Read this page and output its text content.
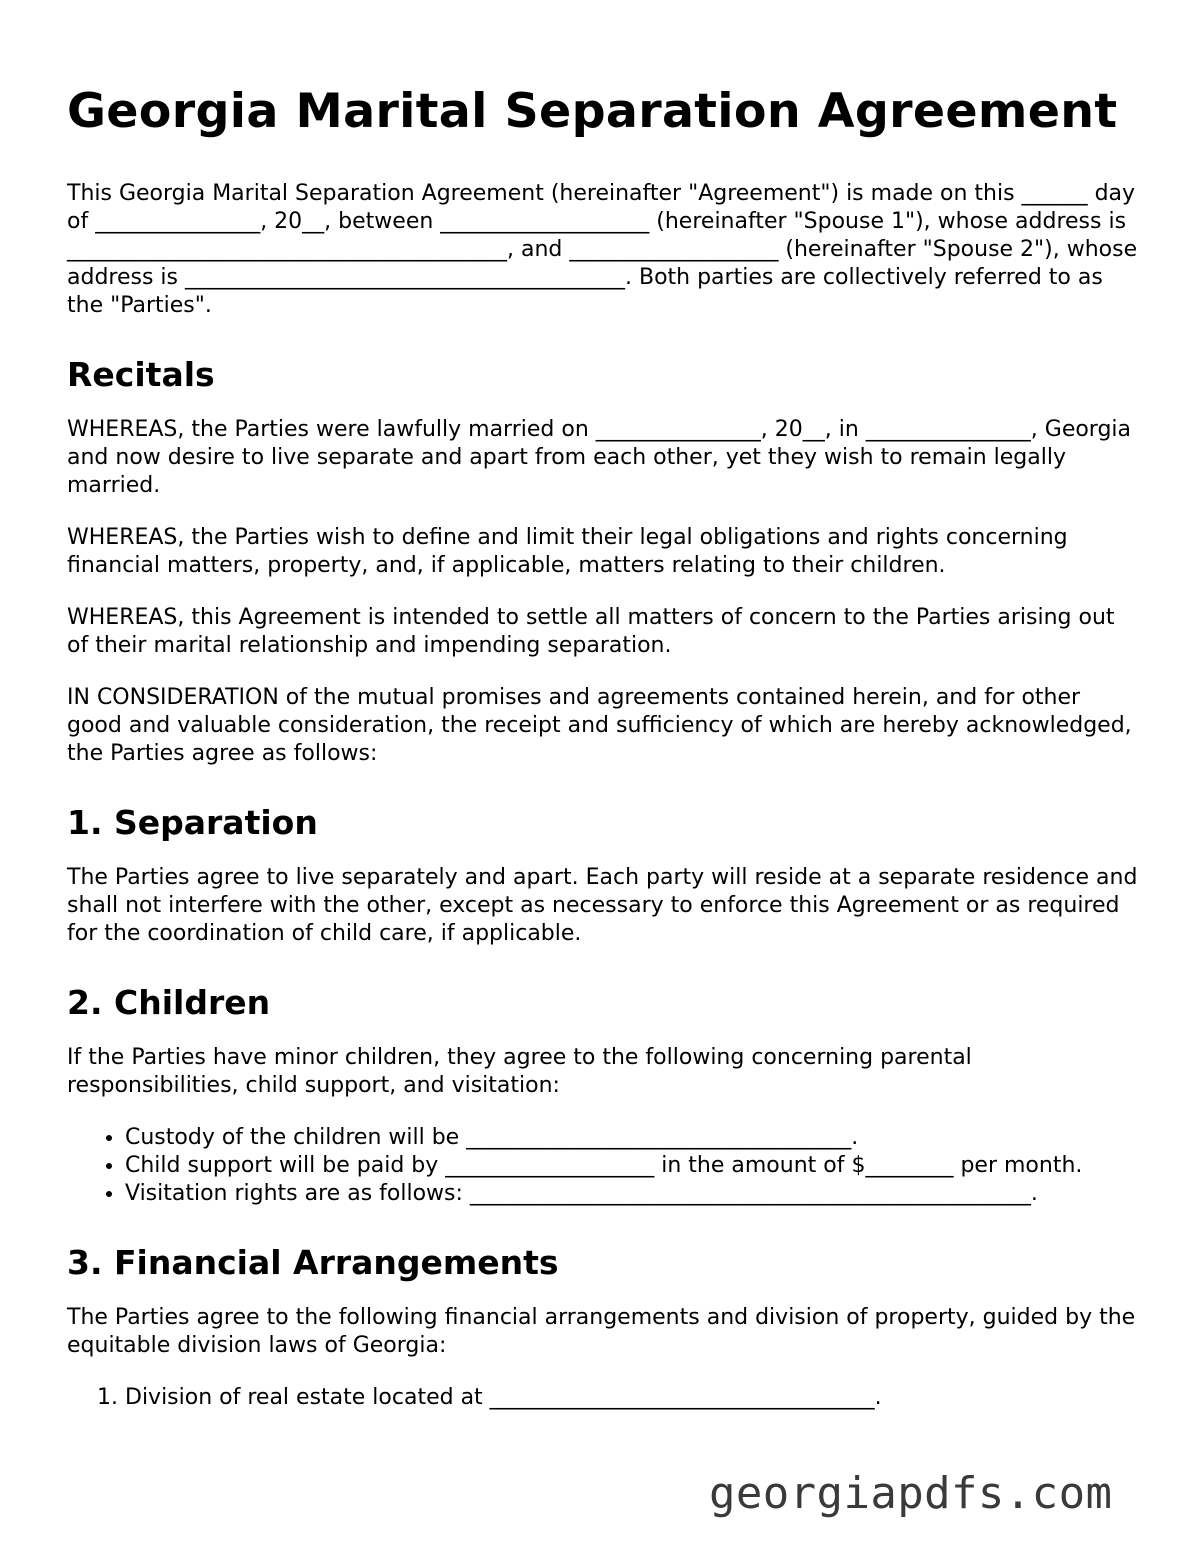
Georgia Marital Separation Agreement

This Georgia Marital Separation Agreement (hereinafter "Agreement") is made on this ______ day of _______________, 20__, between ___________________ (hereinafter "Spouse 1"), whose address is ________________________________________, and ___________________ (hereinafter "Spouse 2"), whose address is ________________________________________. Both parties are collectively referred to as the "Parties".

Recitals

WHEREAS, the Parties were lawfully married on _______________, 20__, in _______________, Georgia and now desire to live separate and apart from each other, yet they wish to remain legally married.

WHEREAS, the Parties wish to define and limit their legal obligations and rights concerning financial matters, property, and, if applicable, matters relating to their children.

WHEREAS, this Agreement is intended to settle all matters of concern to the Parties arising out of their marital relationship and impending separation.

IN CONSIDERATION of the mutual promises and agreements contained herein, and for other good and valuable consideration, the receipt and sufficiency of which are hereby acknowledged, the Parties agree as follows:

1. Separation

The Parties agree to live separately and apart. Each party will reside at a separate residence and shall not interfere with the other, except as necessary to enforce this Agreement or as required for the coordination of child care, if applicable.

2. Children

If the Parties have minor children, they agree to the following concerning parental responsibilities, child support, and visitation:

• Custody of the children will be ___________________________________.
• Child support will be paid by ___________________ in the amount of $________ per month.
• Visitation rights are as follows: ___________________________________________________.
3. Financial Arrangements

The Parties agree to the following financial arrangements and division of property, guided by the equitable division laws of Georgia:

1. Division of real estate located at ___________________________________.
georgiapdfs.com
